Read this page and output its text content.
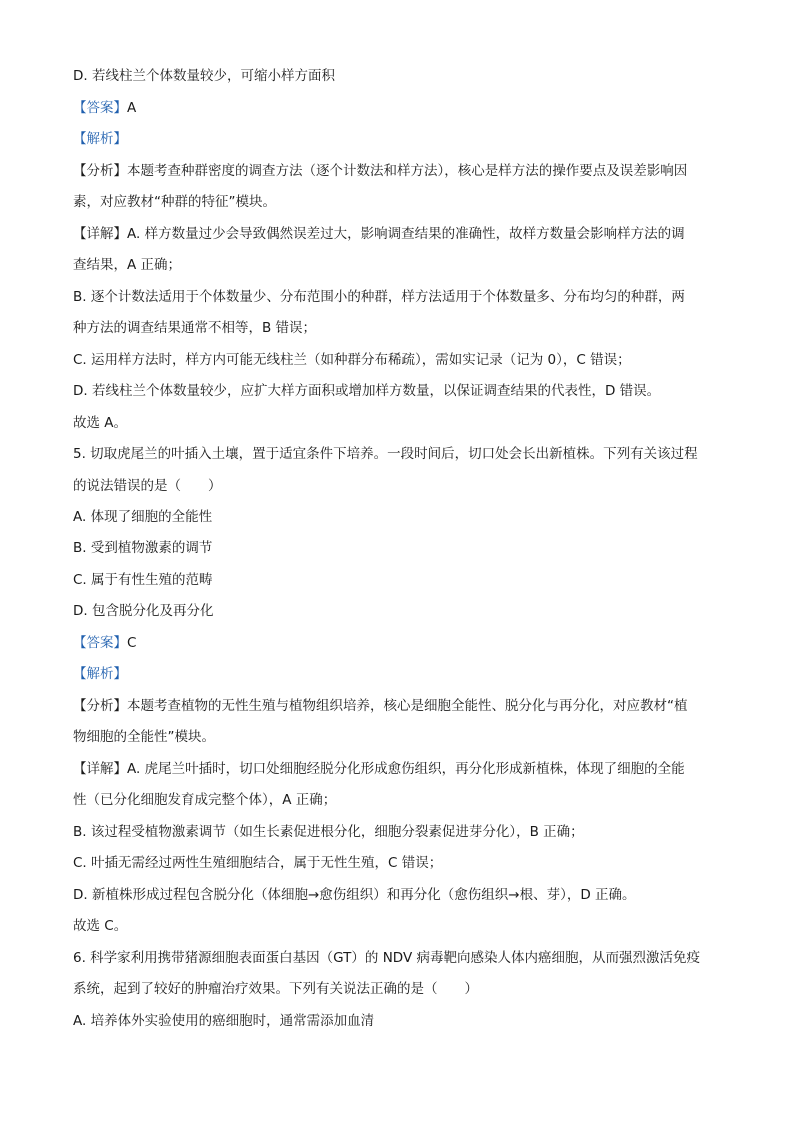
D. 若线柱兰个体数量较少，可缩小样方面积
【答案】A
【解析】
【分析】本题考查种群密度的调查方法（逐个计数法和样方法），核心是样方法的操作要点及误差影响因
素，对应教材“种群的特征”模块。
【详解】A. 样方数量过少会导致偶然误差过大，影响调查结果的准确性，故样方数量会影响样方法的调
查结果，A 正确；
B. 逐个计数法适用于个体数量少、分布范围小的种群，样方法适用于个体数量多、分布均匀的种群，两
种方法的调查结果通常不相等，B 错误；
C. 运用样方法时，样方内可能无线柱兰（如种群分布稀疏），需如实记录（记为 0），C 错误；
D. 若线柱兰个体数量较少，应扩大样方面积或增加样方数量，以保证调查结果的代表性，D 错误。
故选 A。
5. 切取虎尾兰的叶插入土壤，置于适宜条件下培养。一段时间后，切口处会长出新植株。下列有关该过程
的说法错误的是（　　）
A. 体现了细胞的全能性
B. 受到植物激素的调节
C. 属于有性生殖的范畴
D. 包含脱分化及再分化
【答案】C
【解析】
【分析】本题考查植物的无性生殖与植物组织培养，核心是细胞全能性、脱分化与再分化，对应教材“植
物细胞的全能性”模块。
【详解】A. 虎尾兰叶插时，切口处细胞经脱分化形成愈伤组织，再分化形成新植株，体现了细胞的全能
性（已分化细胞发育成完整个体），A 正确；
B. 该过程受植物激素调节（如生长素促进根分化，细胞分裂素促进芽分化），B 正确；
C. 叶插无需经过两性生殖细胞结合，属于无性生殖，C 错误；
D. 新植株形成过程包含脱分化（体细胞→愈伤组织）和再分化（愈伤组织→根、芽），D 正确。
故选 C。
6. 科学家利用携带猪源细胞表面蛋白基因（GT）的 NDV 病毒靶向感染人体内癌细胞，从而强烈激活免疫
系统，起到了较好的肿瘤治疗效果。下列有关说法正确的是（　　）
A. 培养体外实验使用的癌细胞时，通常需添加血清
